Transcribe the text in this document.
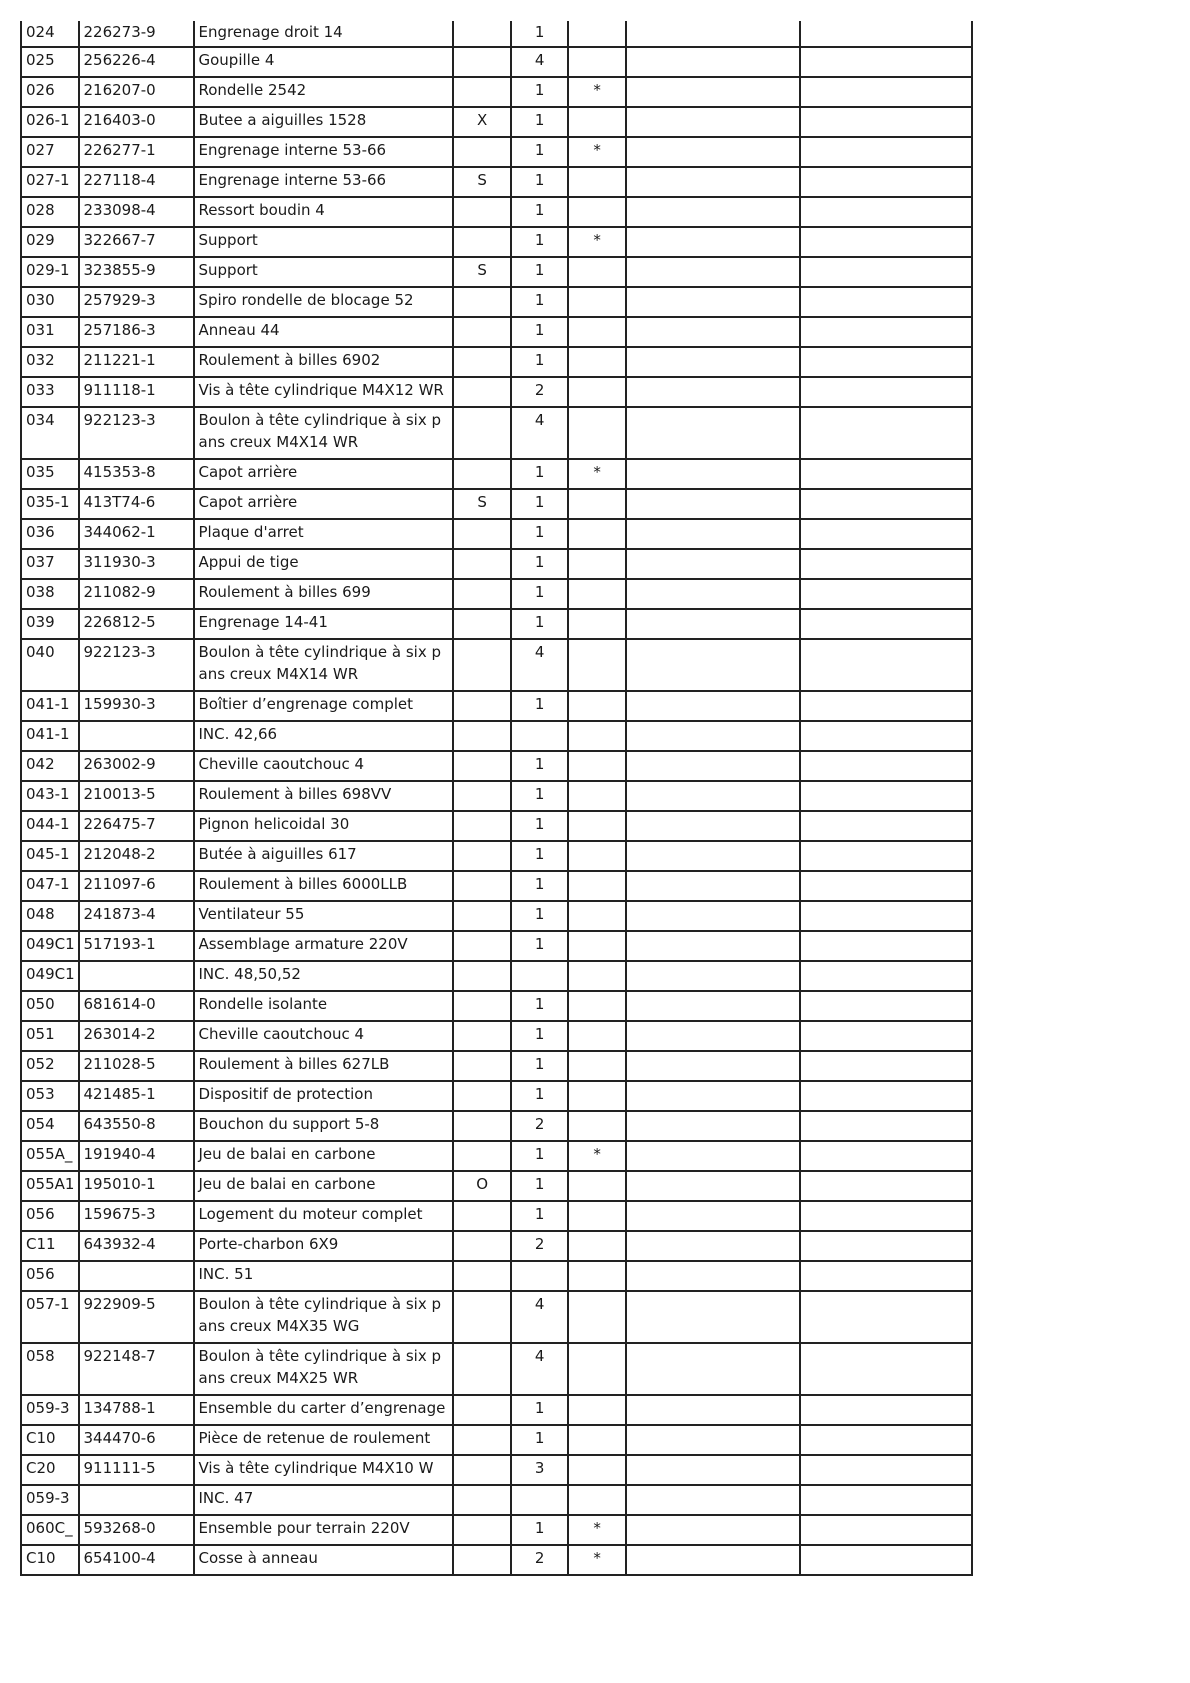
024	226273-9	Engrenage droit 14		1			
025	256226-4	Goupille 4		4			
026	216207-0	Rondelle 2542		1	*		
026-1	216403-0	Butee a aiguilles 1528	X	1			
027	226277-1	Engrenage interne 53-66		1	*		
027-1	227118-4	Engrenage interne 53-66	S	1			
028	233098-4	Ressort boudin 4		1			
029	322667-7	Support		1	*		
029-1	323855-9	Support	S	1			
030	257929-3	Spiro rondelle de blocage 52		1			
031	257186-3	Anneau 44		1			
032	211221-1	Roulement à billes 6902		1			
033	911118-1	Vis à tête cylindrique M4X12 WR		2			
034	922123-3	Boulon à tête cylindrique à six pans creux M4X14 WR		4			
035	415353-8	Capot arrière		1	*		
035-1	413T74-6	Capot arrière	S	1			
036	344062-1	Plaque d'arret		1			
037	311930-3	Appui de tige		1			
038	211082-9	Roulement à billes 699		1			
039	226812-5	Engrenage 14-41		1			
040	922123-3	Boulon à tête cylindrique à six pans creux M4X14 WR		4			
041-1	159930-3	Boîtier d’engrenage complet		1			
041-1		INC. 42,66					
042	263002-9	Cheville caoutchouc 4		1			
043-1	210013-5	Roulement à billes 698VV		1			
044-1	226475-7	Pignon helicoidal 30		1			
045-1	212048-2	Butée à aiguilles 617		1			
047-1	211097-6	Roulement à billes 6000LLB		1			
048	241873-4	Ventilateur 55		1			
049C1	517193-1	Assemblage armature 220V		1			
049C1		INC. 48,50,52					
050	681614-0	Rondelle isolante		1			
051	263014-2	Cheville caoutchouc 4		1			
052	211028-5	Roulement à billes 627LB		1			
053	421485-1	Dispositif de protection		1			
054	643550-8	Bouchon du support 5-8		2			
055A_	191940-4	Jeu de balai en carbone		1	*		
055A1	195010-1	Jeu de balai en carbone	O	1			
056	159675-3	Logement du moteur complet		1			
C11	643932-4	Porte-charbon 6X9		2			
056		INC. 51					
057-1	922909-5	Boulon à tête cylindrique à six pans creux M4X35 WG		4			
058	922148-7	Boulon à tête cylindrique à six pans creux M4X25 WR		4			
059-3	134788-1	Ensemble du carter d’engrenage		1			
C10	344470-6	Pièce de retenue de roulement		1			
C20	911111-5	Vis à tête cylindrique M4X10 W		3			
059-3		INC. 47					
060C_	593268-0	Ensemble pour terrain 220V		1	*		
C10	654100-4	Cosse à anneau		2	*		
